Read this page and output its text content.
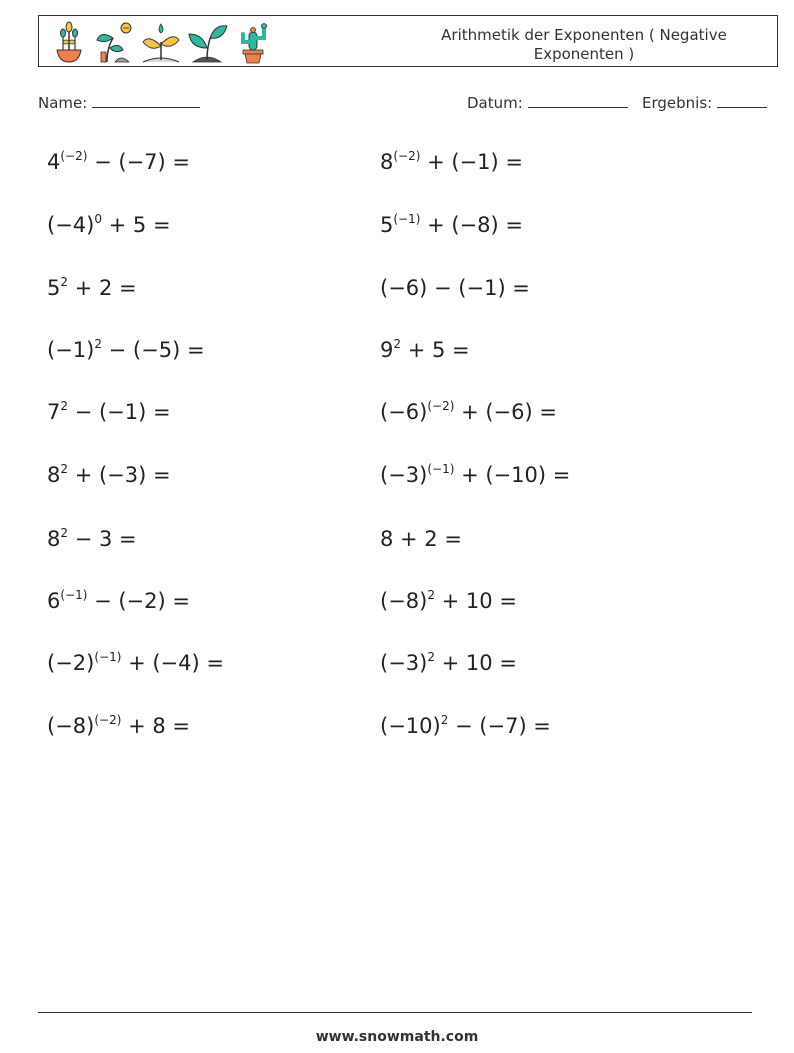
Arithmetik der Exponenten ( Negative Exponenten )
Name:	Datum:	Ergebnis:
$4^{(-2)} - (-7)$ =	$8^{(-2)} + (-1)$ =
$(-4)^0 + 5$ =	$5^{(-1)} + (-8)$ =
$5^2 + 2$ =	(−6) − (−1) =
$(-1)^2 - (-5)$ =	$9^2 + 5$ =
$7^2 - (-1)$ =	$(-6)^{(-2)} + (-6)$ =
$8^2 + (-3)$ =	$(-3)^{(-1)} + (-10)$ =
$8^2 - 3$ =	8 + 2 =
$6^{(-1)} - (-2)$ =	$(-8)^2 + 10$ =
$(-2)^{(-1)} + (-4)$ =	$(-3)^2 + 10$ =
$(-8)^{(-2)} + 8$ =	$(-10)^2 - (-7)$ =
www.snowmath.com
